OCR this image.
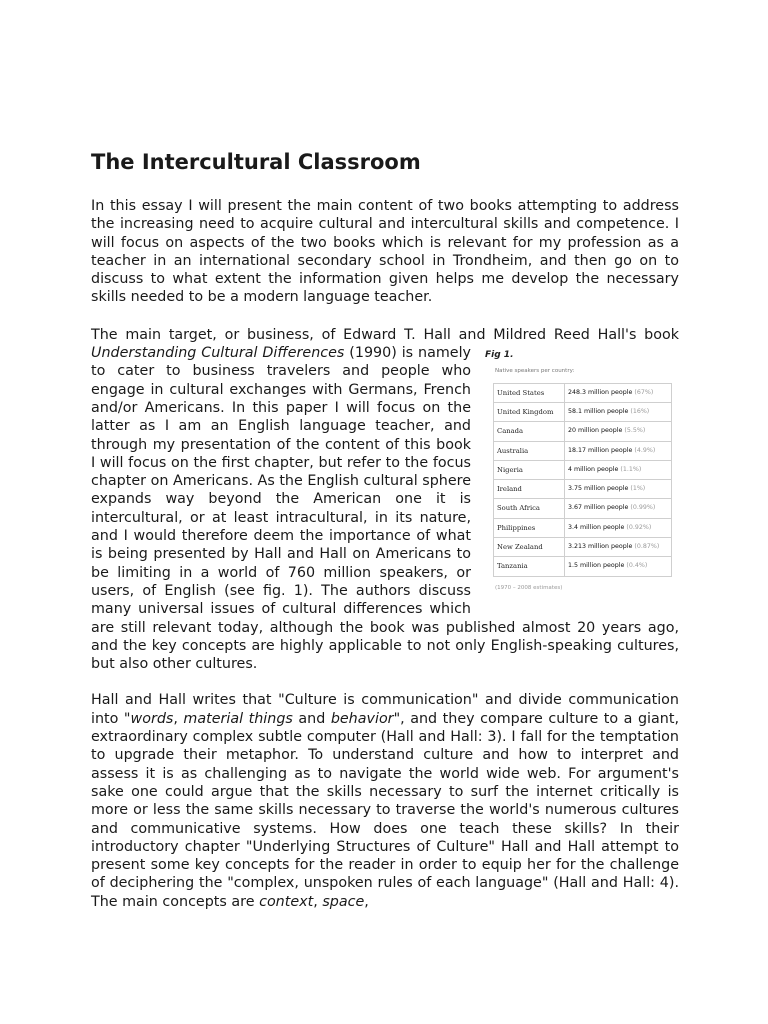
The Intercultural Classroom

In this essay I will present the main content of two books attempting to address the increasing need to acquire cultural and intercultural skills and competence. I will focus on aspects of the two books which is relevant for my profession as a teacher in an international secondary school in Trondheim, and then go on to discuss to what extent the information given helps me develop the necessary skills needed to be a modern language teacher.

The main target, or business, of Edward T. Hall and Mildred Reed Hall's book Understanding Cultural Differences	Fig 1.
Native speakers per country:
United States	248.3 million people (67%)
United Kingdom	58.1 million people (16%)
Canada	20 million people (5.5%)
Australia	18.17 million people (4.9%)
Nigeria	4 million people (1.1%)
Ireland	3.75 million people (1%)
South Africa	3.67 million people (0.99%)
Philippines	3.4 million people (0.92%)
New Zealand	3.213 million people (0.87%)
Tanzania	1.5 million people (0.4%)
(1970 – 2008 estimates)
(1990) is namely to cater to business travelers and people who engage in cultural exchanges with Germans, French and/or Americans. In this paper I will focus on the latter as I am an English language teacher, and through my presentation of the content of this book I will focus on the first chapter, but refer to the focus chapter on Americans. As the English cultural sphere expands way beyond the American one it is intercultural, or at least intracultural, in its nature, and I would therefore deem the importance of what is being presented by Hall and Hall on Americans to be limiting in a world of 760 million speakers, or users, of English (see fig. 1). The authors discuss many universal issues of cultural differences which are still relevant today, although the book was published almost 20 years ago, and the key concepts are highly applicable to not only English-speaking cultures, but also other cultures.

Hall and Hall writes that "Culture is communication" and divide communication into "words, material things and behavior", and they compare culture to a giant, extraordinary complex subtle computer (Hall and Hall: 3). I fall for the temptation to upgrade their metaphor. To understand culture and how to interpret and assess it is as challenging as to navigate the world wide web. For argument's sake one could argue that the skills necessary to surf the internet critically is more or less the same skills necessary to traverse the world's numerous cultures and communicative systems. How does one teach these skills? In their introductory chapter "Underlying Structures of Culture" Hall and Hall attempt to present some key concepts for the reader in order to equip her for the challenge of deciphering the "complex, unspoken rules of each language" (Hall and Hall: 4). The main concepts are context, space,
